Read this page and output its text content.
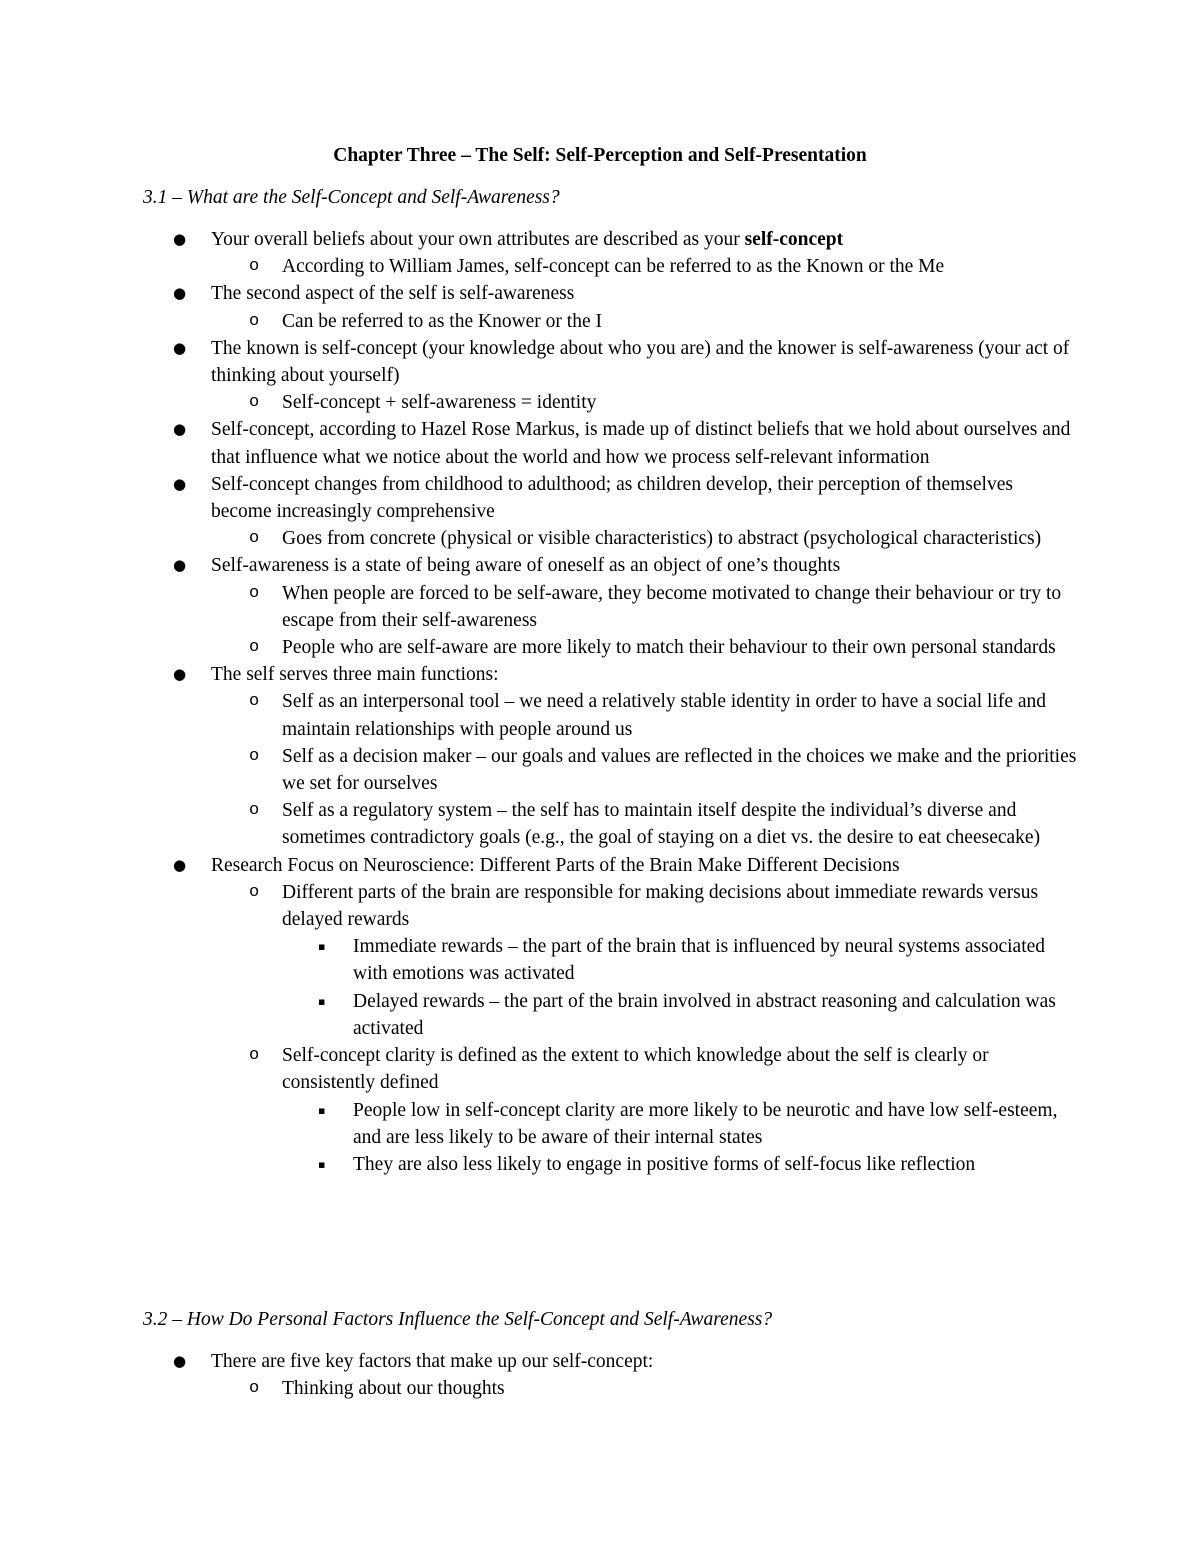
Chapter Three – The Self: Self-Perception and Self-Presentation
3.1 – What are the Self-Concept and Self-Awareness?
● Your overall beliefs about your own attributes are described as your self-concept
o According to William James, self-concept can be referred to as the Known or the Me
● The second aspect of the self is self-awareness
o Can be referred to as the Knower or the I
● The known is self-concept (your knowledge about who you are) and the knower is self-awareness (your act of thinking about yourself)
o Self-concept + self-awareness = identity
● Self-concept, according to Hazel Rose Markus, is made up of distinct beliefs that we hold about ourselves and that influence what we notice about the world and how we process self-relevant information
● Self-concept changes from childhood to adulthood; as children develop, their perception of themselves become increasingly comprehensive
o Goes from concrete (physical or visible characteristics) to abstract (psychological characteristics)
● Self-awareness is a state of being aware of oneself as an object of one’s thoughts
o When people are forced to be self-aware, they become motivated to change their behaviour or try to escape from their self-awareness
o People who are self-aware are more likely to match their behaviour to their own personal standards
● The self serves three main functions:
o Self as an interpersonal tool – we need a relatively stable identity in order to have a social life and maintain relationships with people around us
o Self as a decision maker – our goals and values are reflected in the choices we make and the priorities we set for ourselves
o Self as a regulatory system – the self has to maintain itself despite the individual’s diverse and sometimes contradictory goals (e.g., the goal of staying on a diet vs. the desire to eat cheesecake)
● Research Focus on Neuroscience: Different Parts of the Brain Make Different Decisions
o Different parts of the brain are responsible for making decisions about immediate rewards versus delayed rewards
▪ Immediate rewards – the part of the brain that is influenced by neural systems associated with emotions was activated
▪ Delayed rewards – the part of the brain involved in abstract reasoning and calculation was activated
o Self-concept clarity is defined as the extent to which knowledge about the self is clearly or consistently defined
▪ People low in self-concept clarity are more likely to be neurotic and have low self-esteem, and are less likely to be aware of their internal states
▪ They are also less likely to engage in positive forms of self-focus like reflection
3.2 – How Do Personal Factors Influence the Self-Concept and Self-Awareness?
● There are five key factors that make up our self-concept:
o Thinking about our thoughts
